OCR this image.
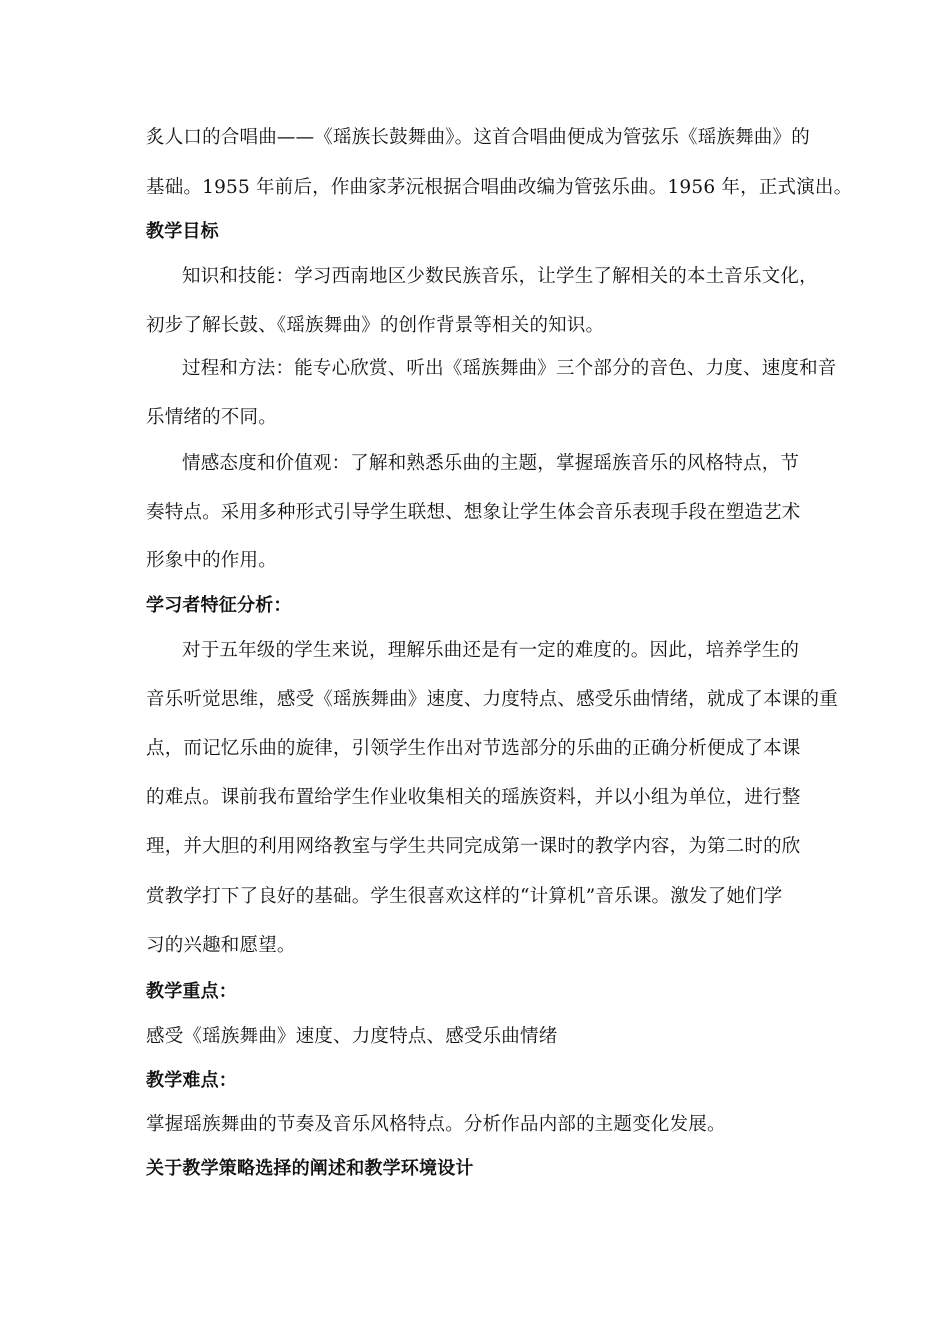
炙人口的合唱曲——《瑶族长鼓舞曲》。这首合唱曲便成为管弦乐《瑶族舞曲》的
基础。1955 年前后，作曲家茅沅根据合唱曲改编为管弦乐曲。1956 年，正式演出。
教学目标
知识和技能：学习西南地区少数民族音乐，让学生了解相关的本土音乐文化，
初步了解长鼓、《瑶族舞曲》的创作背景等相关的知识。
过程和方法：能专心欣赏、听出《瑶族舞曲》三个部分的音色、力度、速度和音
乐情绪的不同。
情感态度和价值观：了解和熟悉乐曲的主题，掌握瑶族音乐的风格特点，节
奏特点。采用多种形式引导学生联想、想象让学生体会音乐表现手段在塑造艺术
形象中的作用。
学习者特征分析：
对于五年级的学生来说，理解乐曲还是有一定的难度的。因此，培养学生的
音乐听觉思维，感受《瑶族舞曲》速度、力度特点、感受乐曲情绪，就成了本课的重
点，而记忆乐曲的旋律，引领学生作出对节选部分的乐曲的正确分析便成了本课
的难点。课前我布置给学生作业收集相关的瑶族资料，并以小组为单位，进行整
理，并大胆的利用网络教室与学生共同完成第一课时的教学内容，为第二时的欣
赏教学打下了良好的基础。学生很喜欢这样的“计算机”音乐课。激发了她们学
习的兴趣和愿望。
教学重点：
感受《瑶族舞曲》速度、力度特点、感受乐曲情绪
教学难点：
掌握瑶族舞曲的节奏及音乐风格特点。分析作品内部的主题变化发展。
关于教学策略选择的阐述和教学环境设计
